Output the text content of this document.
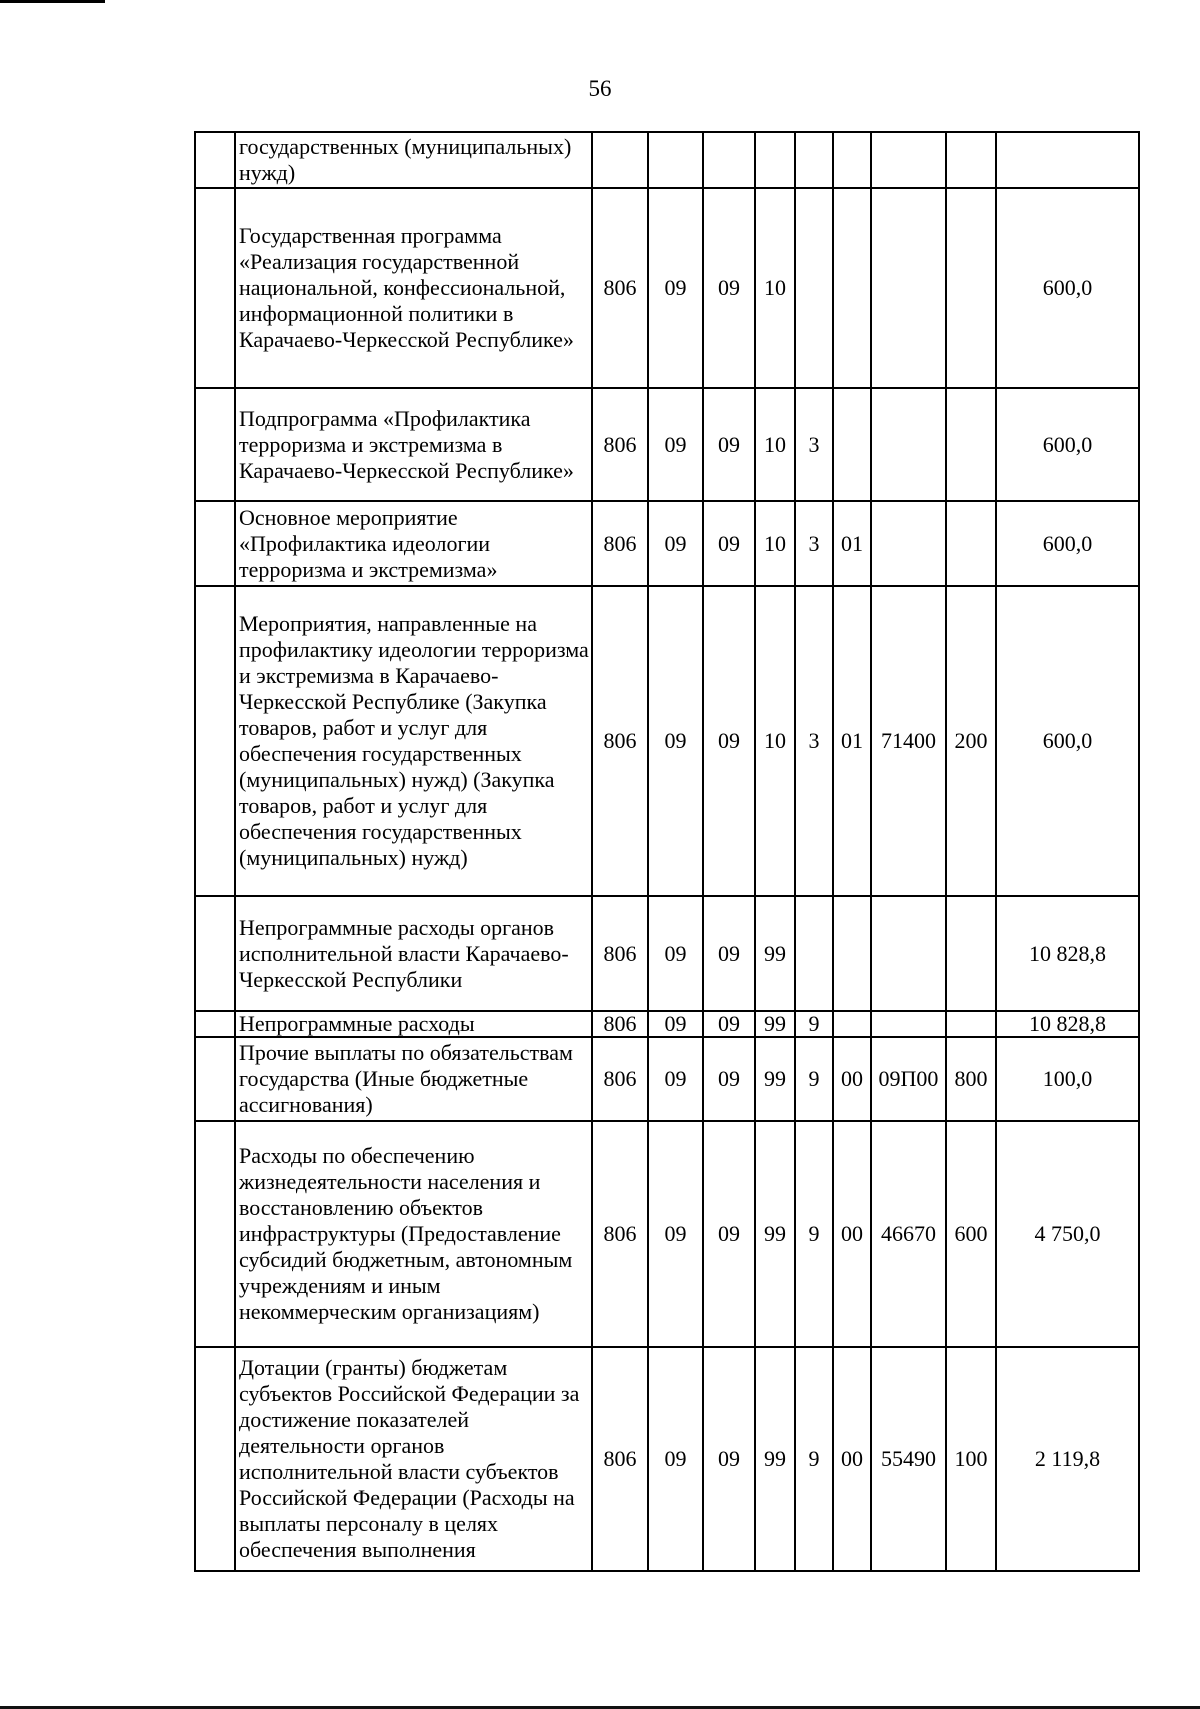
56
	государственных (муниципальных) нужд)									
	Государственная программа «Реализация государственной национальной, конфессиональной, информационной политики в Карачаево-Черкесской Республике»	806	09	09	10					600,0
	Подпрограмма «Профилактика терроризма и экстремизма в Карачаево-Черкесской Республике»	806	09	09	10	3				600,0
	Основное мероприятие «Профилактика идеологии терроризма и экстремизма»	806	09	09	10	3	01			600,0
	Мероприятия, направленные на профилактику идеологии терроризма и экстремизма в Карачаево-Черкесской Республике (Закупка товаров, работ и услуг для обеспечения государственных (муниципальных) нужд) (Закупка товаров, работ и услуг для обеспечения государственных (муниципальных) нужд)	806	09	09	10	3	01	71400	200	600,0
	Непрограммные расходы органов исполнительной власти Карачаево-Черкесской Республики	806	09	09	99					10 828,8
	Непрограммные расходы	806	09	09	99	9				10 828,8
	Прочие выплаты по обязательствам государства (Иные бюджетные ассигнования)	806	09	09	99	9	00	09П00	800	100,0
	Расходы по обеспечению жизнедеятельности населения и восстановлению объектов инфраструктуры (Предоставление субсидий бюджетным, автономным учреждениям и иным некоммерческим организациям)	806	09	09	99	9	00	46670	600	4 750,0
	Дотации (гранты) бюджетам субъектов Российской Федерации за достижение показателей деятельности органов исполнительной власти субъектов Российской Федерации (Расходы на выплаты персоналу в целях обеспечения выполнения	806	09	09	99	9	00	55490	100	2 119,8
